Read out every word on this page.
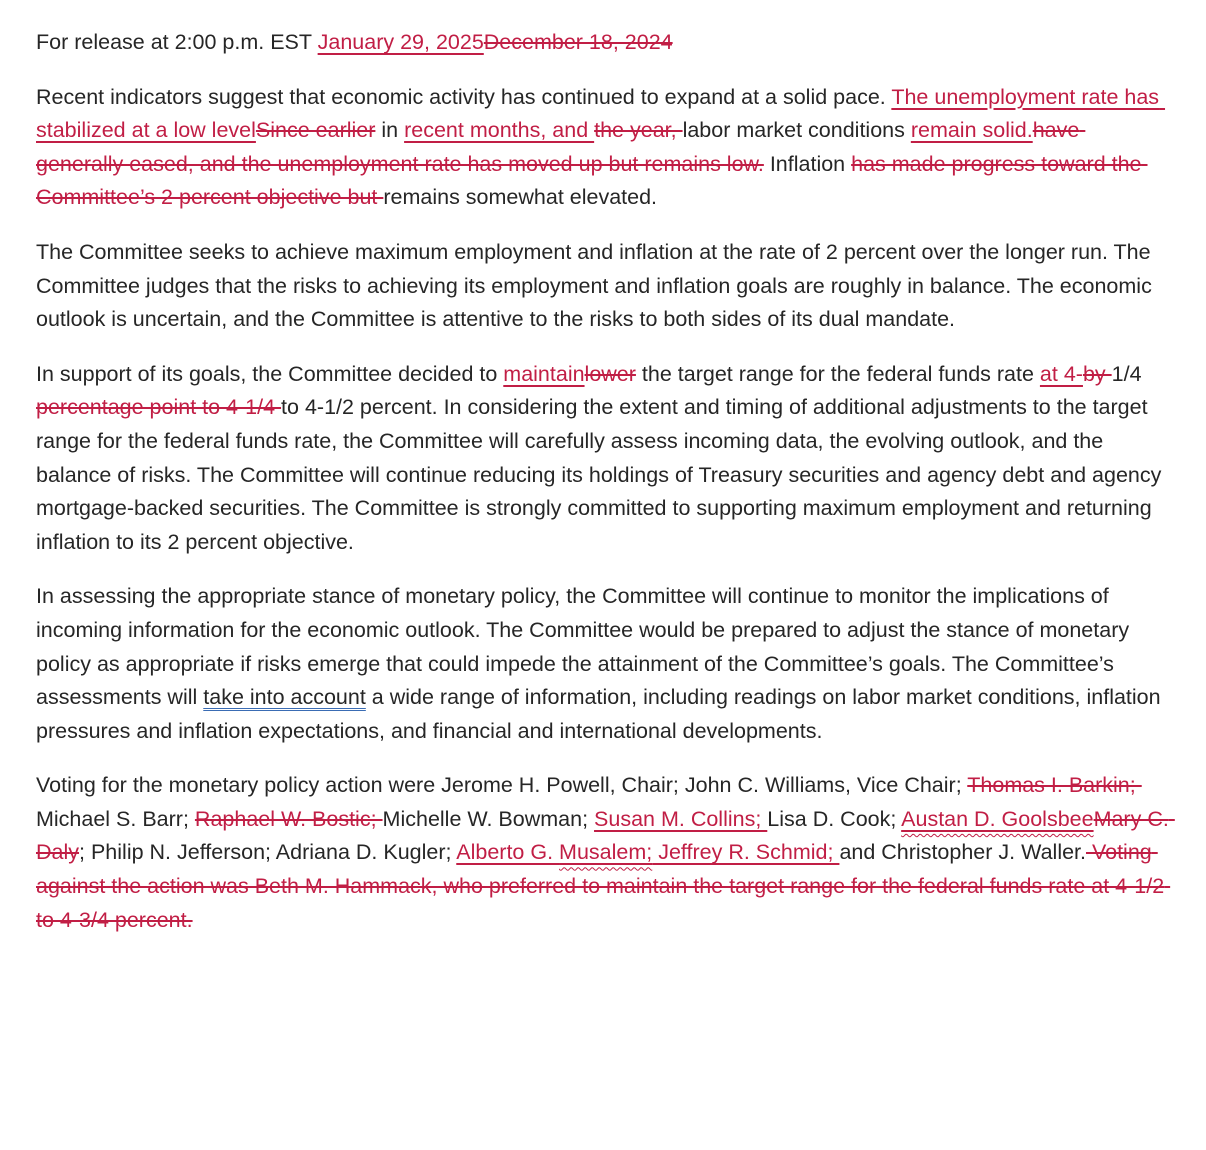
For release at 2:00 p.m. EST January 29, 2025December 18, 2024

Recent indicators suggest that economic activity has continued to expand at a solid pace. The unemployment rate has stabilized at a low levelSince earlier in recent months, and the year, labor market conditions remain solid.have generally eased, and the unemployment rate has moved up but remains low. Inflation has made progress toward the Committee’s 2 percent objective but remains somewhat elevated.

The Committee seeks to achieve maximum employment and inflation at the rate of 2 percent over the longer run. The Committee judges that the risks to achieving its employment and inflation goals are roughly in balance. The economic outlook is uncertain, and the Committee is attentive to the risks to both sides of its dual mandate.

In support of its goals, the Committee decided to maintainlower the target range for the federal funds rate at 4-by 1/4 percentage point to 4-1/4 to 4-1/2 percent. In considering the extent and timing of additional adjustments to the target range for the federal funds rate, the Committee will carefully assess incoming data, the evolving outlook, and the balance of risks. The Committee will continue reducing its holdings of Treasury securities and agency debt and agency mortgage-backed securities. The Committee is strongly committed to supporting maximum employment and returning inflation to its 2 percent objective.

In assessing the appropriate stance of monetary policy, the Committee will continue to monitor the implications of incoming information for the economic outlook. The Committee would be prepared to adjust the stance of monetary policy as appropriate if risks emerge that could impede the attainment of the Committee’s goals. The Committee’s assessments will take into account a wide range of information, including readings on labor market conditions, inflation pressures and inflation expectations, and financial and international developments.

Voting for the monetary policy action were Jerome H. Powell, Chair; John C. Williams, Vice Chair; Thomas I. Barkin; Michael S. Barr; Raphael W. Bostic; Michelle W. Bowman; Susan M. Collins; Lisa D. Cook; Austan D. GoolsbeeMary C. Daly; Philip N. Jefferson; Adriana D. Kugler; Alberto G. Musalem; Jeffrey R. Schmid; and Christopher J. Waller. Voting against the action was Beth M. Hammack, who preferred to maintain the target range for the federal funds rate at 4-1/2 to 4-3/4 percent.
